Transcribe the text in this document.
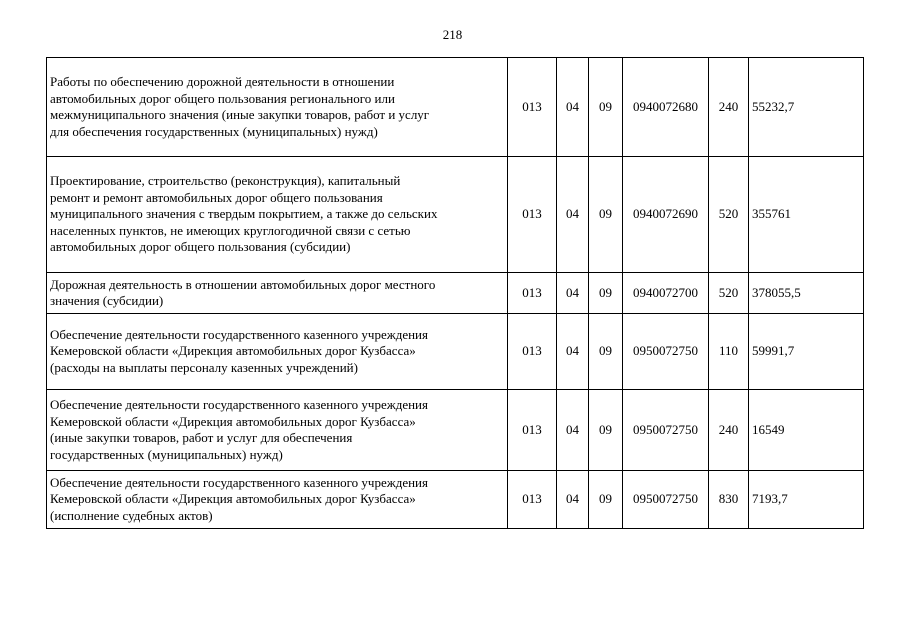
218
Работы по обеспечению дорожной деятельности в отношении
автомобильных дорог общего пользования регионального или
межмуниципального значения (иные закупки товаров, работ и услуг
для обеспечения государственных (муниципальных) нужд)	013	04	09	0940072680	240	55232,7
Проектирование, строительство (реконструкция), капитальный
ремонт и ремонт автомобильных дорог общего пользования
муниципального значения с твердым покрытием, а также до сельских
населенных пунктов, не имеющих круглогодичной связи с сетью
автомобильных дорог общего пользования (субсидии)	013	04	09	0940072690	520	355761
Дорожная деятельность в отношении автомобильных дорог местного
значения (субсидии)	013	04	09	0940072700	520	378055,5
Обеспечение деятельности государственного казенного учреждения
Кемеровской области «Дирекция автомобильных дорог Кузбасса»
(расходы на выплаты персоналу казенных учреждений)	013	04	09	0950072750	110	59991,7
Обеспечение деятельности государственного казенного учреждения
Кемеровской области «Дирекция автомобильных дорог Кузбасса»
(иные закупки товаров, работ и услуг для обеспечения
государственных (муниципальных) нужд)	013	04	09	0950072750	240	16549
Обеспечение деятельности государственного казенного учреждения
Кемеровской области «Дирекция автомобильных дорог Кузбасса»
(исполнение судебных актов)	013	04	09	0950072750	830	7193,7
